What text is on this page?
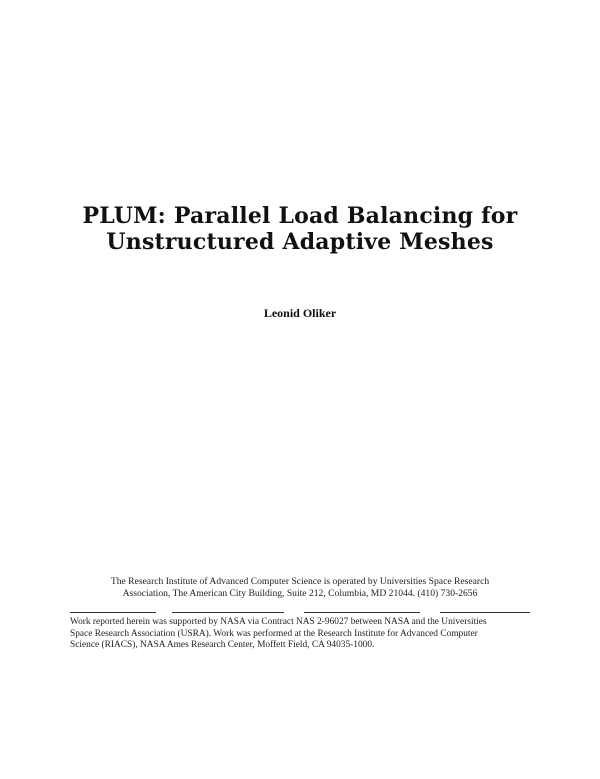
PLUM: Parallel Load Balancing for
Unstructured Adaptive Meshes
Leonid Oliker
The Research Institute of Advanced Computer Science is operated by Universities Space Research
Association, The American City Building, Suite 212, Columbia, MD 21044. (410) 730-2656
Work reported herein was supported by NASA via Contract NAS 2-96027 between NASA and the Universities
Space Research Association (USRA). Work was performed at the Research Institute for Advanced Computer
Science (RIACS), NASA Ames Research Center, Moffett Field, CA 94035-1000.
